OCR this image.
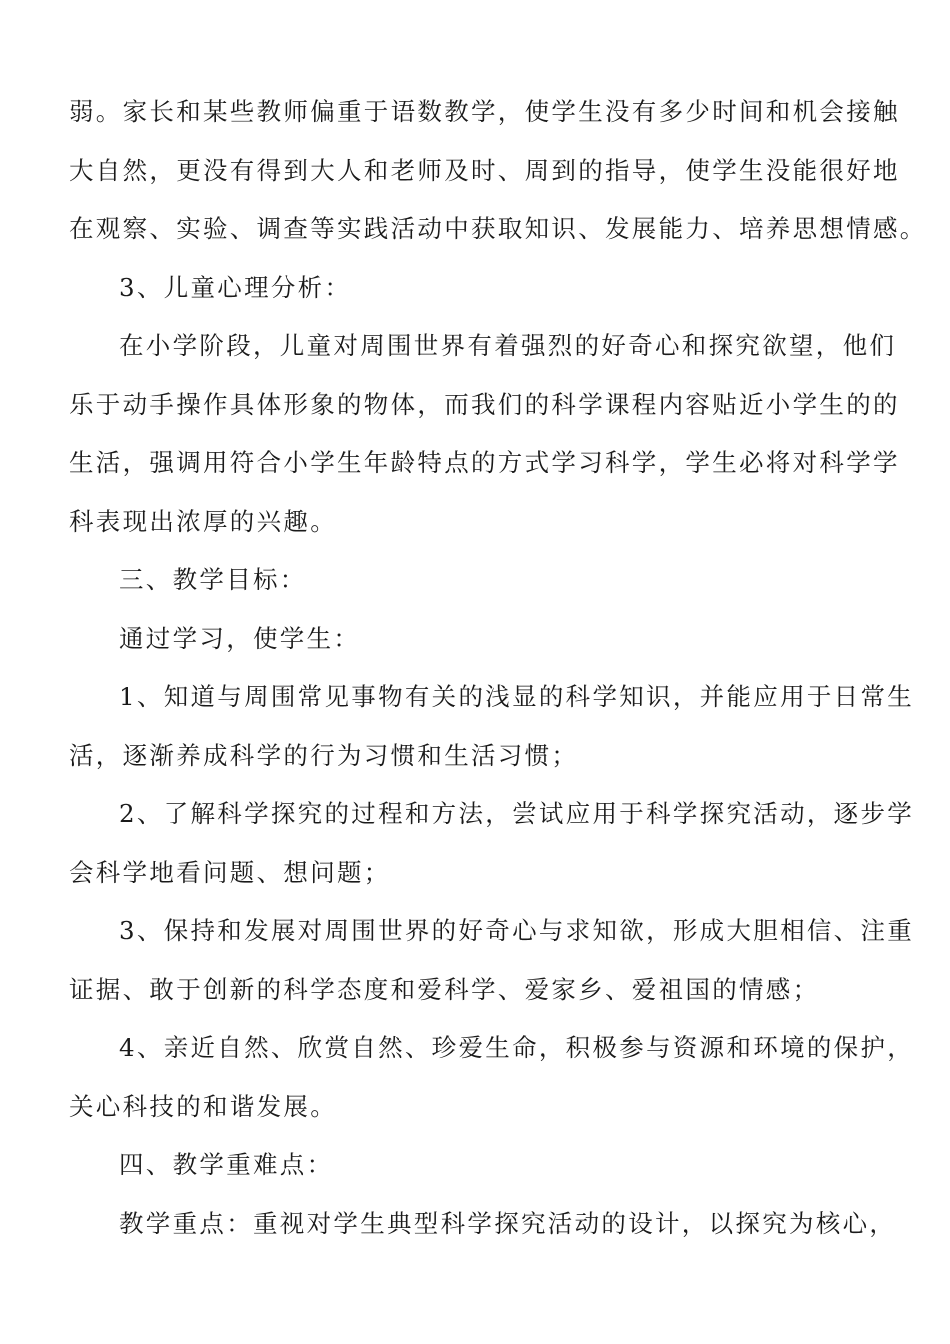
弱。家长和某些教师偏重于语数教学，使学生没有多少时间和机会接触
大自然，更没有得到大人和老师及时、周到的指导，使学生没能很好地
在观察、实验、调查等实践活动中获取知识、发展能力、培养思想情感。
3、儿童心理分析：
在小学阶段，儿童对周围世界有着强烈的好奇心和探究欲望，他们
乐于动手操作具体形象的物体，而我们的科学课程内容贴近小学生的的
生活，强调用符合小学生年龄特点的方式学习科学，学生必将对科学学
科表现出浓厚的兴趣。
三、教学目标：
通过学习，使学生：
1、知道与周围常见事物有关的浅显的科学知识，并能应用于日常生
活，逐渐养成科学的行为习惯和生活习惯；
2、了解科学探究的过程和方法，尝试应用于科学探究活动，逐步学
会科学地看问题、想问题；
3、保持和发展对周围世界的好奇心与求知欲，形成大胆相信、注重
证据、敢于创新的科学态度和爱科学、爱家乡、爱祖国的情感；
4、亲近自然、欣赏自然、珍爱生命，积极参与资源和环境的保护，
关心科技的和谐发展。
四、教学重难点：
教学重点：重视对学生典型科学探究活动的设计，以探究为核心，
